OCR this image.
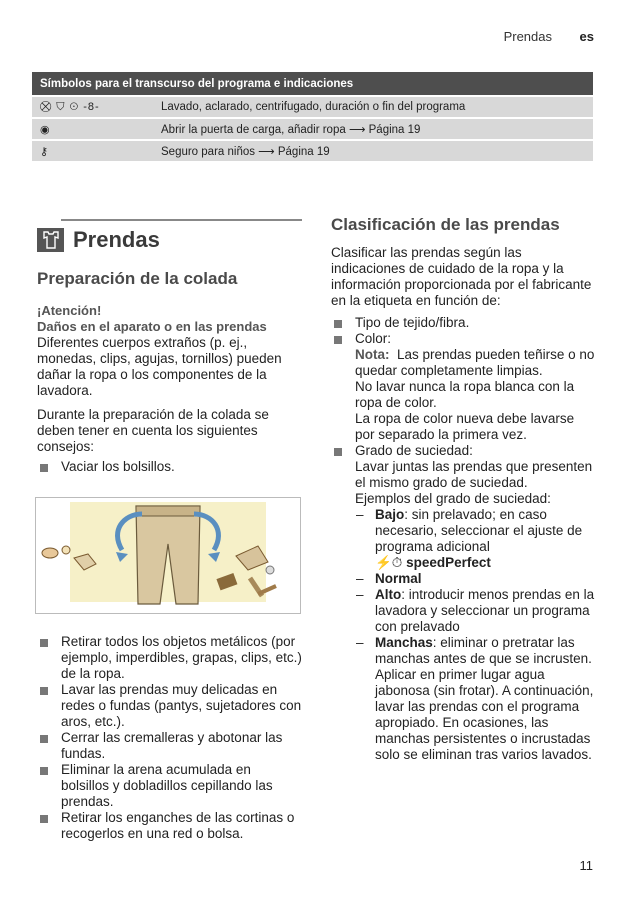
Prendas es
Símbolos para el transcurso del programa e indicaciones	
⛒ ⛉ ⊙ -8-	Lavado, aclarado, centrifugado, duración o fin del programa
◉	Abrir la puerta de carga, añadir ropa ⟶ Página 19
⚷	Seguro para niños ⟶ Página 19
Prendas
Preparación de la colada
¡Atención!
Daños en el aparato o en las prendas

Diferentes cuerpos extraños (p. ej., monedas, clips, agujas, tornillos) pueden dañar la ropa o los componentes de la lavadora.

Durante la preparación de la colada se deben tener en cuenta los siguientes consejos:

Vaciar los bolsillos.
Retirar todos los objetos metálicos (por ejemplo, imperdibles, grapas, clips, etc.) de la ropa.
Lavar las prendas muy delicadas en redes o fundas (pantys, sujetadores con aros, etc.).
Cerrar las cremalleras y abotonar las fundas.
Eliminar la arena acumulada en bolsillos y dobladillos cepillando las prendas.
Retirar los enganches de las cortinas o recogerlos en una red o bolsa.
Clasificación de las prendas

Clasificar las prendas según las indicaciones de cuidado de la ropa y la información proporcionada por el fabricante en la etiqueta en función de:

Tipo de tejido/fibra.
Color:
Nota: Las prendas pueden teñirse o no quedar completamente limpias.
No lavar nunca la ropa blanca con la ropa de color.
La ropa de color nueva debe lavarse por separado la primera vez.
Grado de suciedad:
Lavar juntas las prendas que presenten el mismo grado de suciedad.
Ejemplos del grado de suciedad:
– Bajo: sin prelavado; en caso necesario, seleccionar el ajuste de programa adicional
⚡⏱ speedPerfect
– Normal
– Alto: introducir menos prendas en la lavadora y seleccionar un programa con prelavado
– Manchas: eliminar o pretratar las manchas antes de que se incrusten. Aplicar en primer lugar agua jabonosa (sin frotar). A continuación, lavar las prendas con el programa apropiado. En ocasiones, las manchas persistentes o incrustadas solo se eliminan tras varios lavados.
11
